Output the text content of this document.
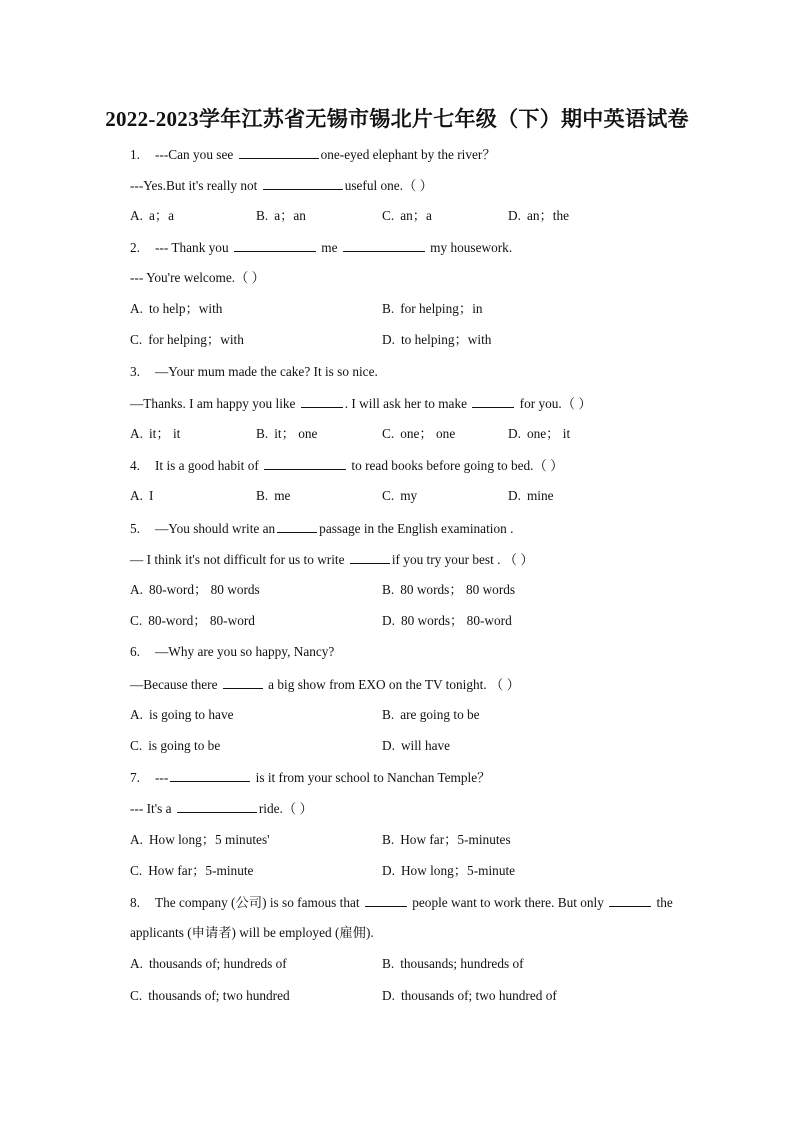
2022-2023学年江苏省无锡市锡北片七年级（下）期中英语试卷
1. ---Can you see	one-eyed elephant by the river？
---Yes.But it's really not	useful one.（ ）
A. a；a	B. a；an	C. an；a	D. an；the
2. --- Thank you	me	my housework.
--- You're welcome.（ ）
A. to help；with	B. for helping；in
C. for helping；with	D. to helping；with
3. —Your mum made the cake? It is so nice.
—Thanks. I am happy you like	. I will ask her to make	for you.（ ）
A. it； it	B. it； one	C. one； one	D. one； it
4. It is a good habit of	to read books before going to bed.（ ）
A. I	B. me	C. my	D. mine
5. —You should write an	passage in the English examination .
— I think it's not difficult for us to write	if you try your best . （ ）
A. 80-word； 80 words	B. 80 words； 80 words
C. 80-word； 80-word	D. 80 words； 80-word
6. —Why are you so happy, Nancy?
—Because there	a big show from EXO on the TV tonight. （ ）
A. is going to have	B. are going to be
C. is going to be	D. will have
7. ---	is it from your school to Nanchan Temple？
--- It's a	ride.（ ）
A. How long；5 minutes'	B. How far；5-minutes
C. How far；5-minute	D. How long；5-minute
8. The company (公司) is so famous that	people want to work there. But only	the
applicants (申请者) will be employed (雇佣).
A. thousands of; hundreds of	B. thousands; hundreds of
C. thousands of; two hundred	D. thousands of; two hundred of
